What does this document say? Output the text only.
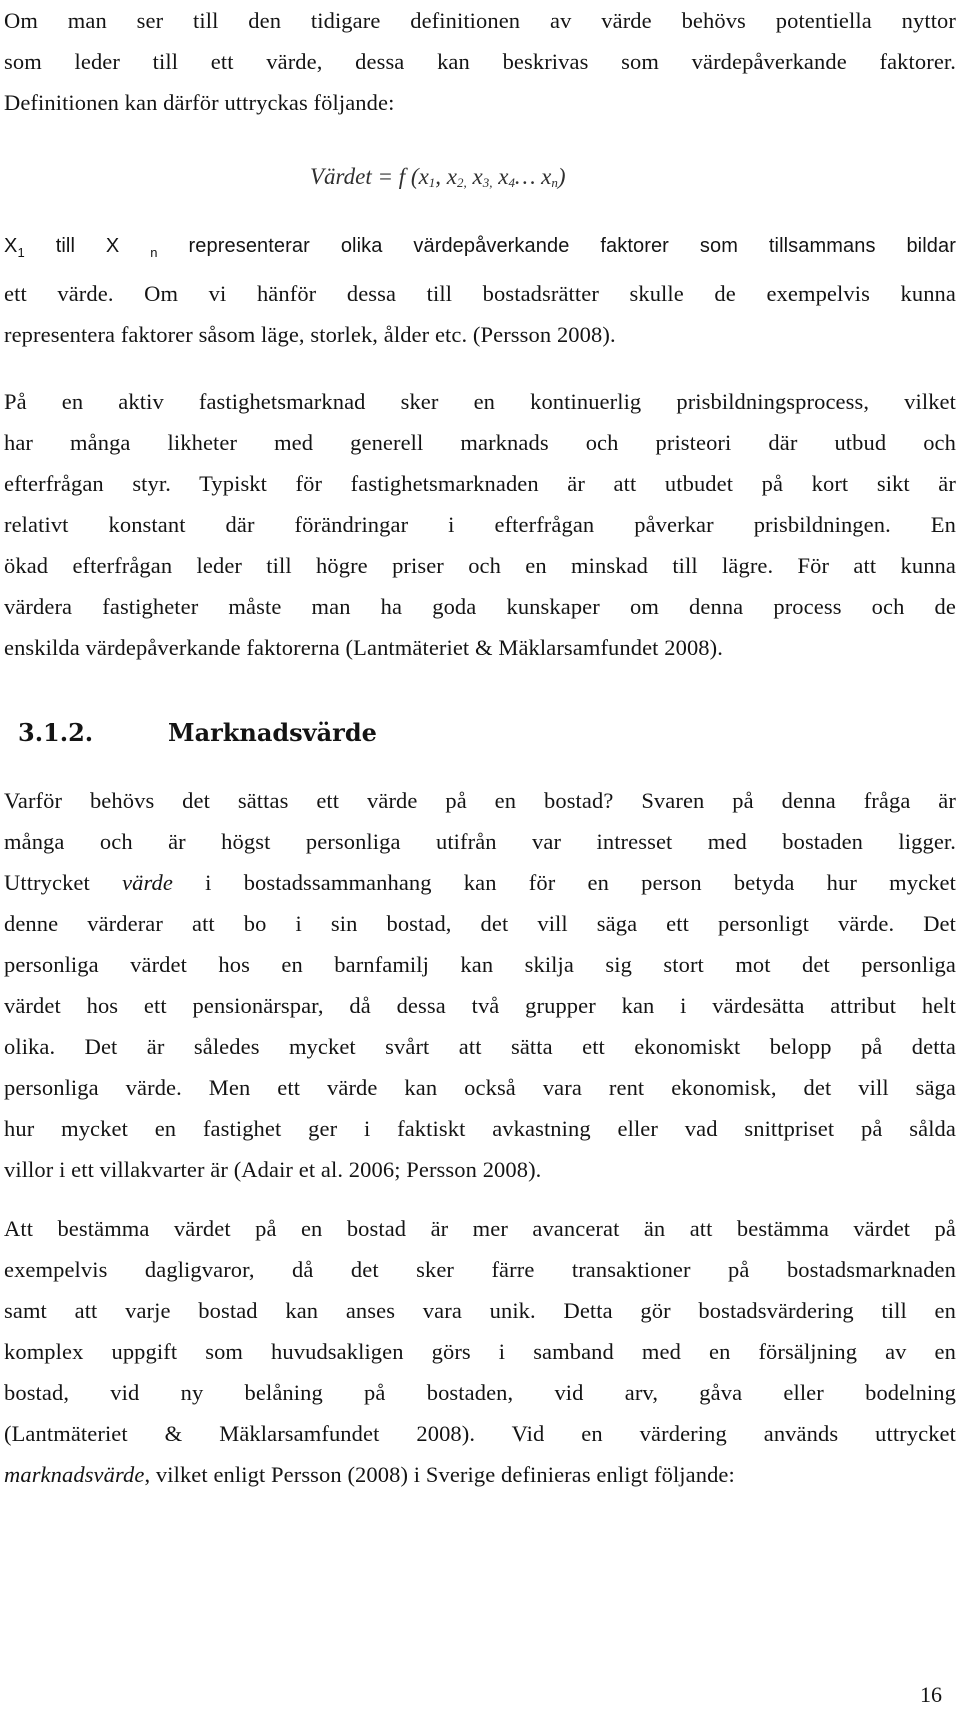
Om man ser till den tidigare definitionen av värde behövs potentiella nyttor
som leder till ett värde, dessa kan beskrivas som värdepåverkande faktorer.
Definitionen kan därför uttryckas följande:

Värdet = f ($x_1$, $x_{2,}$ $x_{3,}$ $x_4\dots$ $x_n$)

$X_1$ till X $_n$ representerar olika värdepåverkande faktorer som tillsammans bildar
ett värde. Om vi hänför dessa till bostadsrätter skulle de exempelvis kunna
representera faktorer såsom läge, storlek, ålder etc. (Persson 2008).

På en aktiv fastighetsmarknad sker en kontinuerlig prisbildningsprocess, vilket
har många likheter med generell marknads och pristeori där utbud och
efterfrågan styr. Typiskt för fastighetsmarknaden är att utbudet på kort sikt är
relativt konstant där förändringar i efterfrågan påverkar prisbildningen. En
ökad efterfrågan leder till högre priser och en minskad till lägre. För att kunna
värdera fastigheter måste man ha goda kunskaper om denna process och de
enskilda värdepåverkande faktorerna (Lantmäteriet & Mäklarsamfundet 2008).

3.1.2.	Marknadsvärde

Varför behövs det sättas ett värde på en bostad? Svaren på denna fråga är
många och är högst personliga utifrån var intresset med bostaden ligger.
Uttrycket värde i bostadssammanhang kan för en person betyda hur mycket
denne värderar att bo i sin bostad, det vill säga ett personligt värde. Det
personliga värdet hos en barnfamilj kan skilja sig stort mot det personliga
värdet hos ett pensionärspar, då dessa två grupper kan i värdesätta attribut helt
olika. Det är således mycket svårt att sätta ett ekonomiskt belopp på detta
personliga värde. Men ett värde kan också vara rent ekonomisk, det vill säga
hur mycket en fastighet ger i faktiskt avkastning eller vad snittpriset på sålda
villor i ett villakvarter är (Adair et al. 2006; Persson 2008).

Att bestämma värdet på en bostad är mer avancerat än att bestämma värdet på
exempelvis dagligvaror, då det sker färre transaktioner på bostadsmarknaden
samt att varje bostad kan anses vara unik. Detta gör bostadsvärdering till en
komplex uppgift som huvudsakligen görs i samband med en försäljning av en
bostad, vid ny belåning på bostaden, vid arv, gåva eller bodelning
(Lantmäteriet & Mäklarsamfundet 2008). Vid en värdering används uttrycket
marknadsvärde, vilket enligt Persson (2008) i Sverige definieras enligt följande:

16
